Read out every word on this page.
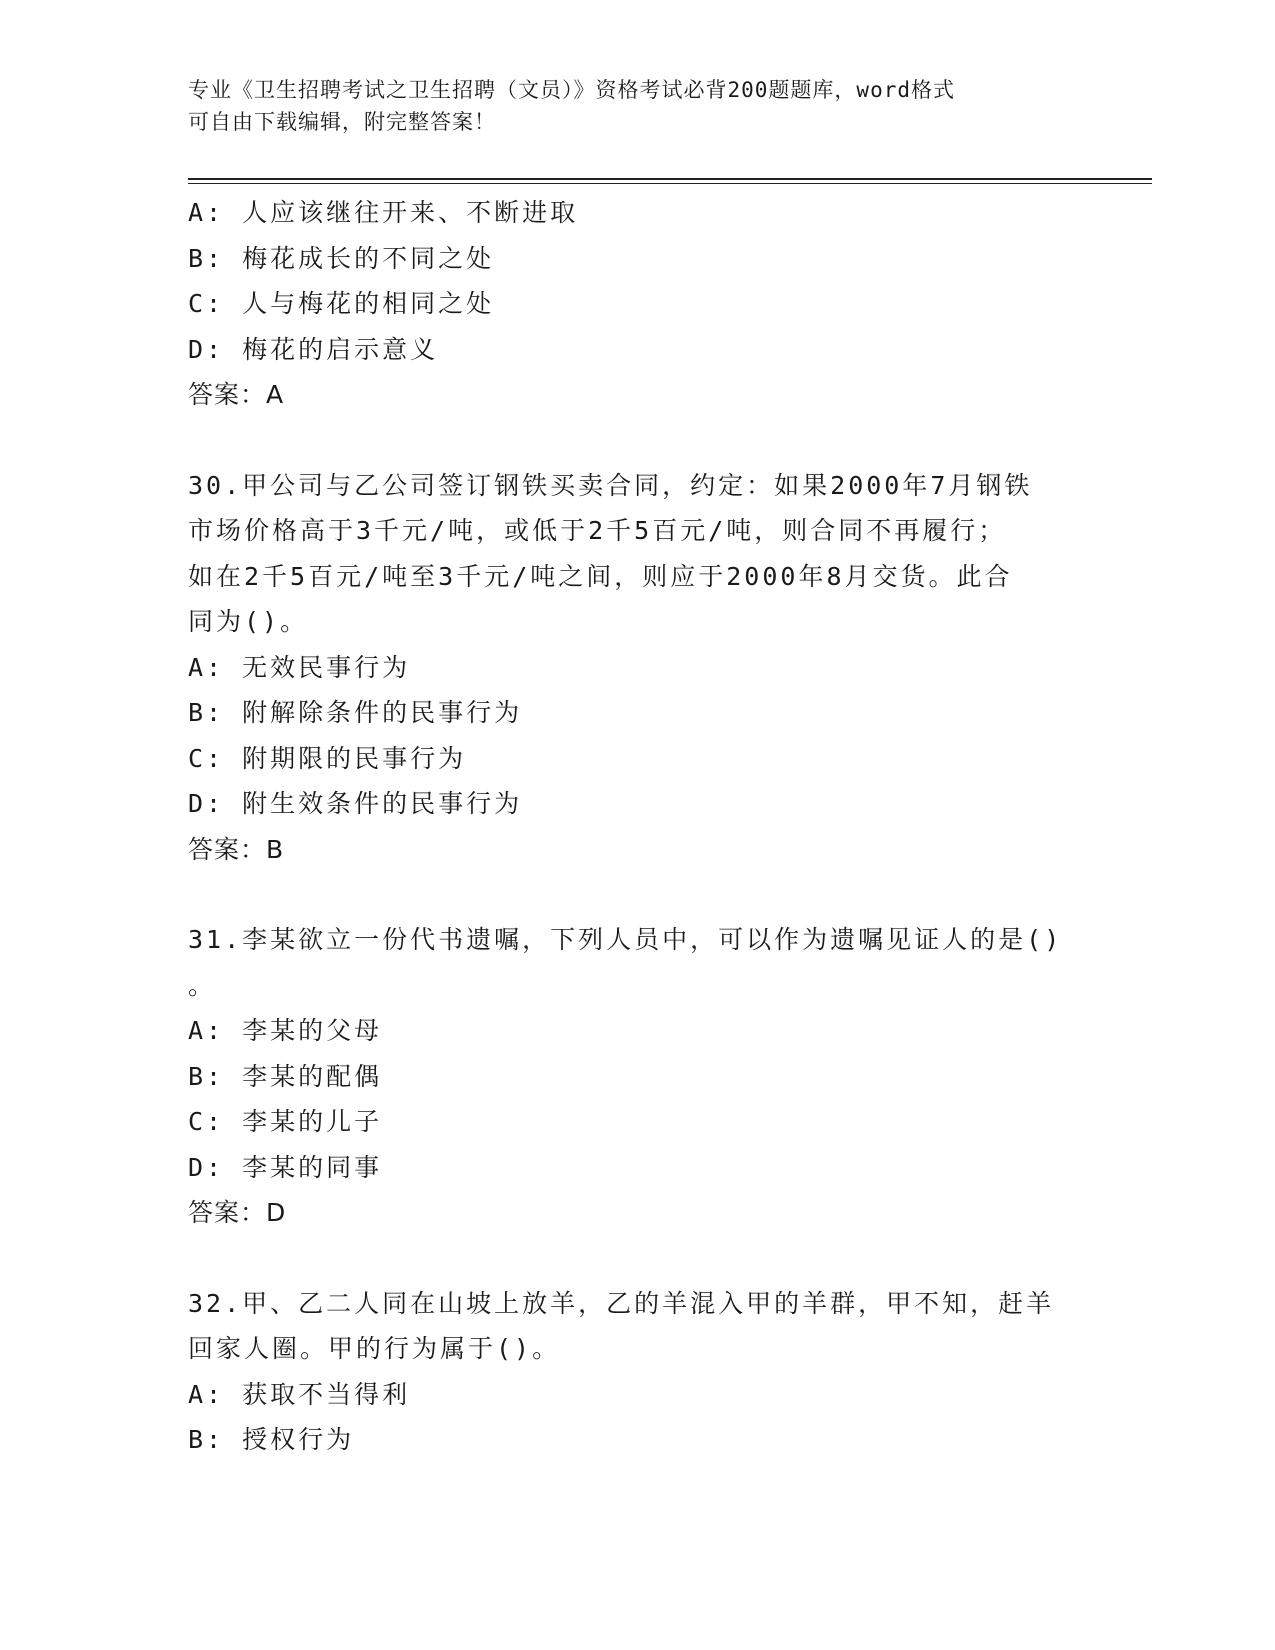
专业《卫生招聘考试之卫生招聘（文员）》资格考试必背200题题库，word格式
可自由下载编辑，附完整答案！
A: 人应该继往开来、不断进取
B: 梅花成长的不同之处
C: 人与梅花的相同之处
D: 梅花的启示意义
答案：A
30.甲公司与乙公司签订钢铁买卖合同，约定：如果2000年7月钢铁
市场价格高于3千元/吨，或低于2千5百元/吨，则合同不再履行；
如在2千5百元/吨至3千元/吨之间，则应于2000年8月交货。此合
同为()。
A: 无效民事行为
B: 附解除条件的民事行为
C: 附期限的民事行为
D: 附生效条件的民事行为
答案：B
31.李某欲立一份代书遗嘱，下列人员中，可以作为遗嘱见证人的是()
。
A: 李某的父母
B: 李某的配偶
C: 李某的儿子
D: 李某的同事
答案：D
32.甲、乙二人同在山坡上放羊，乙的羊混入甲的羊群，甲不知，赶羊
回家人圈。甲的行为属于()。
A: 获取不当得利
B: 授权行为
